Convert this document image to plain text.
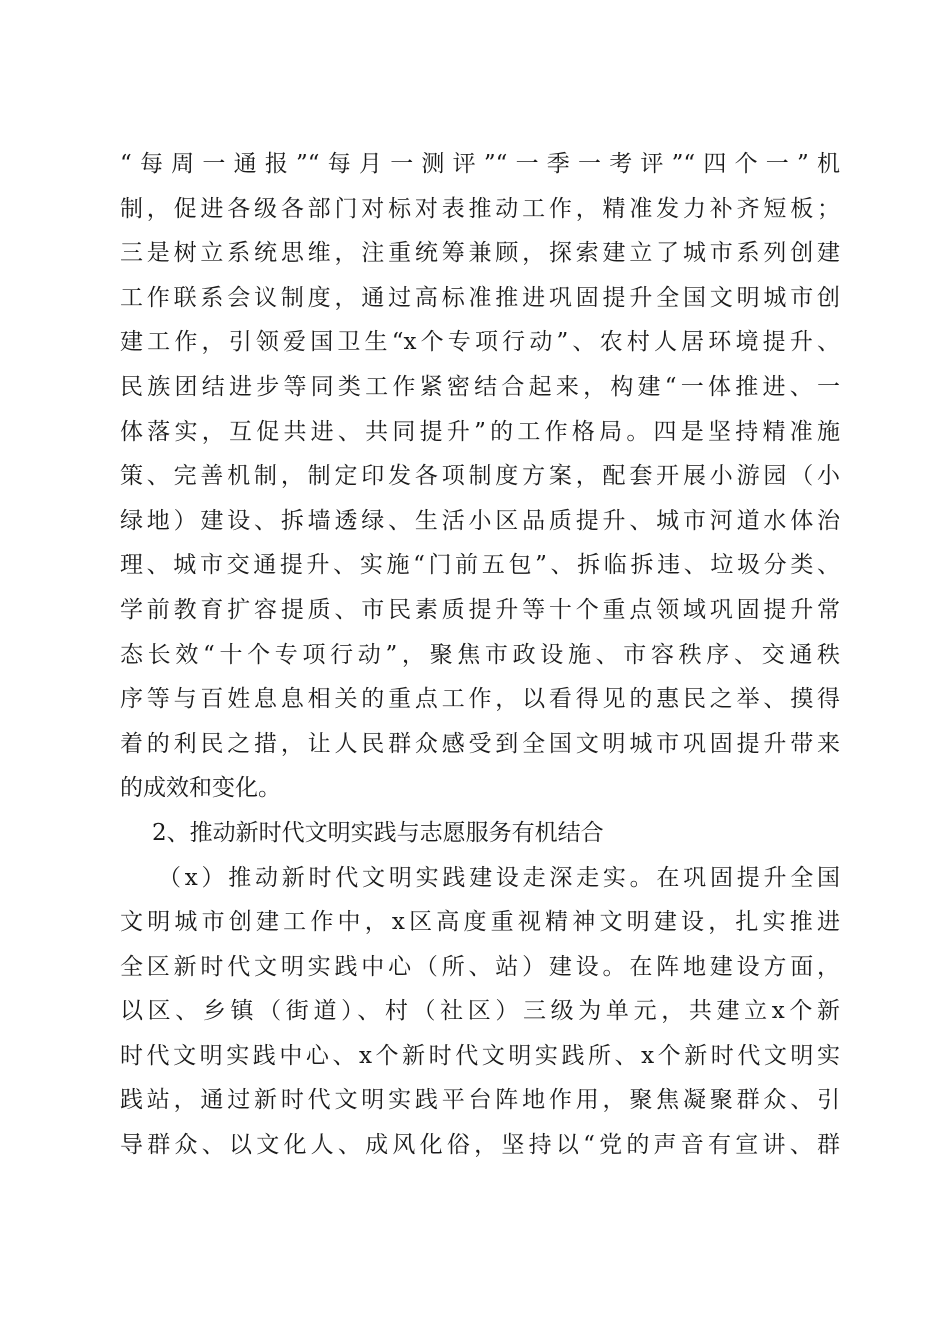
“每周一通报”“每月一测评”“一季一考评”“四个一”机
制，促进各级各部门对标对表推动工作，精准发力补齐短板；
三是树立系统思维，注重统筹兼顾，探索建立了城市系列创建
工作联系会议制度，通过高标准推进巩固提升全国文明城市创
建工作，引领爱国卫生“x个专项行动”、农村人居环境提升、
民族团结进步等同类工作紧密结合起来，构建“一体推进、一
体落实，互促共进、共同提升”的工作格局。四是坚持精准施
策、完善机制，制定印发各项制度方案，配套开展小游园（小
绿地）建设、拆墙透绿、生活小区品质提升、城市河道水体治
理、城市交通提升、实施“门前五包”、拆临拆违、垃圾分类、
学前教育扩容提质、市民素质提升等十个重点领域巩固提升常
态长效“十个专项行动”，聚焦市政设施、市容秩序、交通秩
序等与百姓息息相关的重点工作，以看得见的惠民之举、摸得
着的利民之措，让人民群众感受到全国文明城市巩固提升带来
的成效和变化。
2、推动新时代文明实践与志愿服务有机结合
（x）推动新时代文明实践建设走深走实。在巩固提升全国
文明城市创建工作中，x区高度重视精神文明建设，扎实推进
全区新时代文明实践中心（所、站）建设。在阵地建设方面，
以区、乡镇（街道）、村（社区）三级为单元，共建立x个新
时代文明实践中心、x个新时代文明实践所、x个新时代文明实
践站，通过新时代文明实践平台阵地作用，聚焦凝聚群众、引
导群众、以文化人、成风化俗，坚持以“党的声音有宣讲、群
